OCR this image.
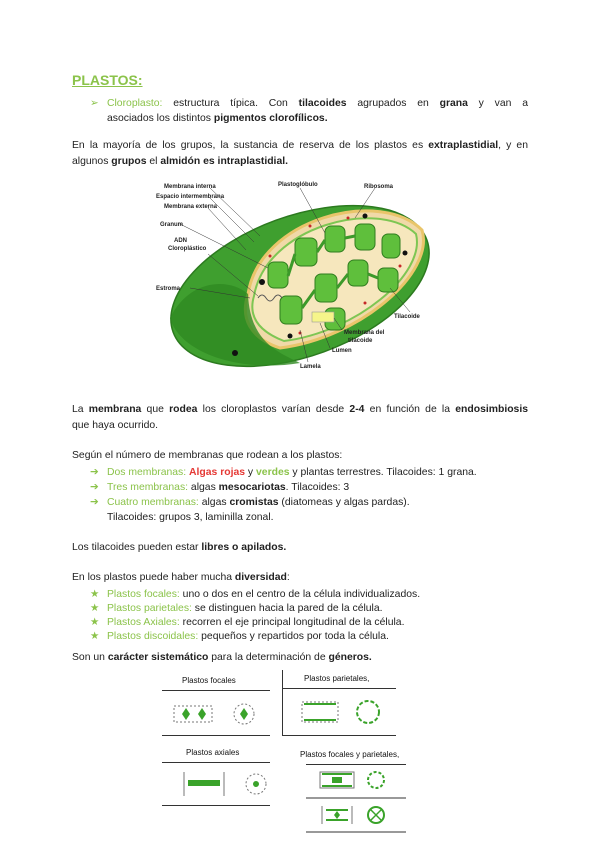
PLASTOS:
➢ Cloroplasto: estructura típica. Con tilacoides agrupados en grana y van a
asociados los distintos pigmentos clorofílicos.
En la mayoría de los grupos, la sustancia de reserva de los plastos es extraplastidial, y en
algunos grupos el almidón es intraplastidial.
Membrana interna
Espacio intermembrana
Membrana externa
Granum
ADN
Cloroplástico
Estroma
Plastoglóbulo	Ribosoma
Tilacoide
Membrana del
tilacoide
Lumen
Lamela
La membrana que rodea los cloroplastos varían desde 2-4 en función de la endosimbiosis
que haya ocurrido.
Según el número de membranas que rodean a los plastos:
➔ Dos membranas: Algas rojas y verdes y plantas terrestres. Tilacoides: 1 grana.
➔ Tres membranas: algas mesocariotas. Tilacoides: 3
➔ Cuatro membranas: algas cromistas (diatomeas y algas pardas).
Tilacoides: grupos 3, laminilla zonal.
Los tilacoides pueden estar libres o apilados.
En los plastos puede haber mucha diversidad:
★ Plastos focales: uno o dos en el centro de la célula individualizados.
★ Plastos parietales: se distinguen hacia la pared de la célula.
★ Plastos Axiales: recorren el eje principal longitudinal de la célula.
★ Plastos discoidales: pequeños y repartidos por toda la célula.
Son un carácter sistemático para la determinación de géneros.
Plastos focales	Plastos parietales,
Plastos axiales	Plastos focales y parietales,
